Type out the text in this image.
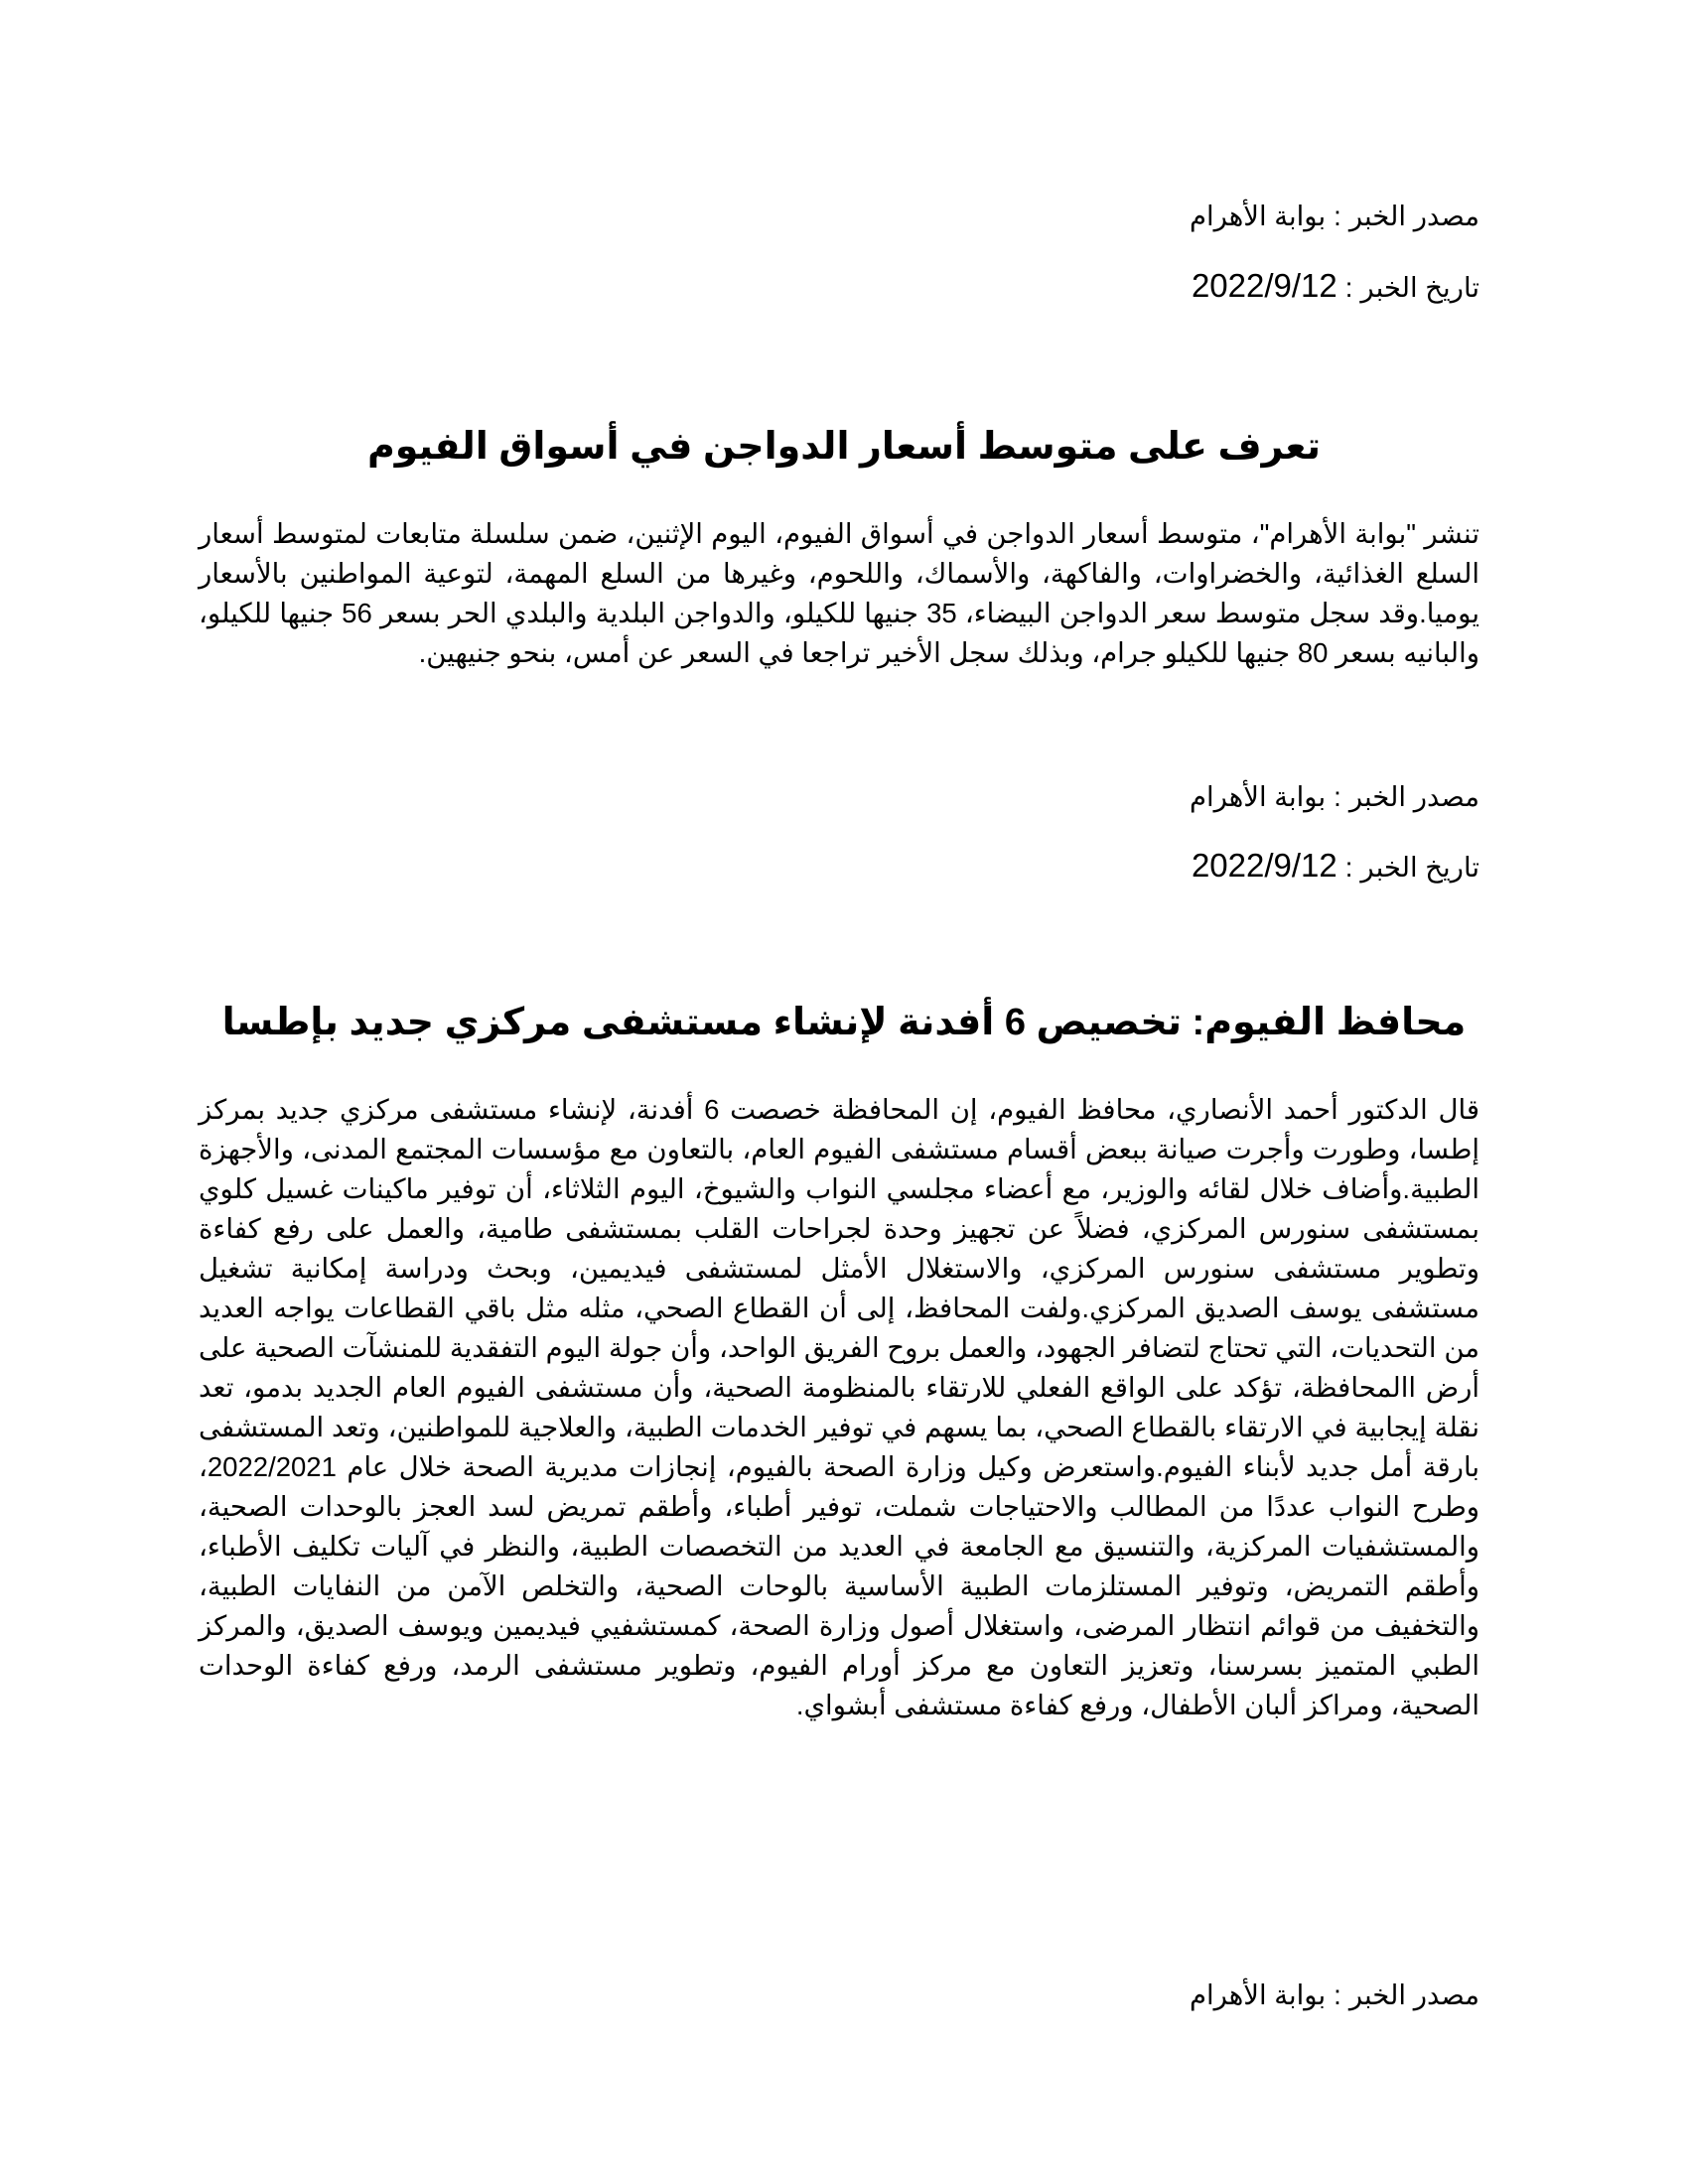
مصدر الخبر:بوابة الأهرام

تاريخ الخبر:2022/9/12

تعرف على متوسط أسعار الدواجن في أسواق الفيوم

تنشر "بوابة الأهرام"، متوسط أسعار الدواجن في أسواق الفيوم، اليوم الإثنين، ضمن سلسلة متابعات لمتوسط أسعار السلع الغذائية، والخضراوات، والفاكهة، والأسماك، واللحوم، وغيرها من السلع المهمة، لتوعية المواطنين بالأسعار يوميا.وقد سجل متوسط سعر الدواجن البيضاء، 35 جنيها للكيلو، والدواجن البلدية والبلدي الحر بسعر 56 جنيها للكيلو، والبانيه بسعر 80 جنيها للكيلو جرام، وبذلك سجل الأخير تراجعا في السعر عن أمس، بنحو جنيهين.

مصدر الخبر:بوابة الأهرام

تاريخ الخبر:2022/9/12

محافظ الفيوم: تخصيص 6 أفدنة لإنشاء مستشفى مركزي جديد بإطسا

قال الدكتور أحمد الأنصاري، محافظ الفيوم، إن المحافظة خصصت 6 أفدنة، لإنشاء مستشفى مركزي جديد بمركز إطسا، وطورت وأجرت صيانة ببعض أقسام مستشفى الفيوم العام، بالتعاون مع مؤسسات المجتمع المدنى، والأجهزة الطبية.وأضاف خلال لقائه والوزير، مع أعضاء مجلسي النواب والشيوخ، اليوم الثلاثاء، أن توفير ماكينات غسيل كلوي بمستشفى سنورس المركزي، فضلاً عن تجهيز وحدة لجراحات القلب بمستشفى طامية، والعمل على رفع كفاءة وتطوير مستشفى سنورس المركزي، والاستغلال الأمثل لمستشفى فيديمين، وبحث ودراسة إمكانية تشغيل مستشفى يوسف الصديق المركزي.ولفت المحافظ، إلى أن القطاع الصحي، مثله مثل باقي القطاعات يواجه العديد من التحديات، التي تحتاج لتضافر الجهود، والعمل بروح الفريق الواحد، وأن جولة اليوم التفقدية للمنشآت الصحية على أرض االمحافظة، تؤكد على الواقع الفعلي للارتقاء بالمنظومة الصحية، وأن مستشفى الفيوم العام الجديد بدمو، تعد نقلة إيجابية في الارتقاء بالقطاع الصحي، بما يسهم في توفير الخدمات الطبية، والعلاجية للمواطنين، وتعد المستشفى بارقة أمل جديد لأبناء الفيوم.واستعرض وكيل وزارة الصحة بالفيوم، إنجازات مديرية الصحة خلال عام 2022/2021، وطرح النواب عددًا من المطالب والاحتياجات شملت، توفير أطباء، وأطقم تمريض لسد العجز بالوحدات الصحية، والمستشفيات المركزية، والتنسيق مع الجامعة في العديد من التخصصات الطبية، والنظر في آليات تكليف الأطباء، وأطقم التمريض، وتوفير المستلزمات الطبية الأساسية بالوحات الصحية، والتخلص الآمن من النفايات الطبية، والتخفيف من قوائم انتظار المرضى، واستغلال أصول وزارة الصحة، كمستشفيي فيديمين ويوسف الصديق، والمركز الطبي المتميز بسرسنا، وتعزيز التعاون مع مركز أورام الفيوم، وتطوير مستشفى الرمد، ورفع كفاءة الوحدات الصحية، ومراكز ألبان الأطفال، ورفع كفاءة مستشفى أبشواي.

مصدر الخبر:بوابة الأهرام
